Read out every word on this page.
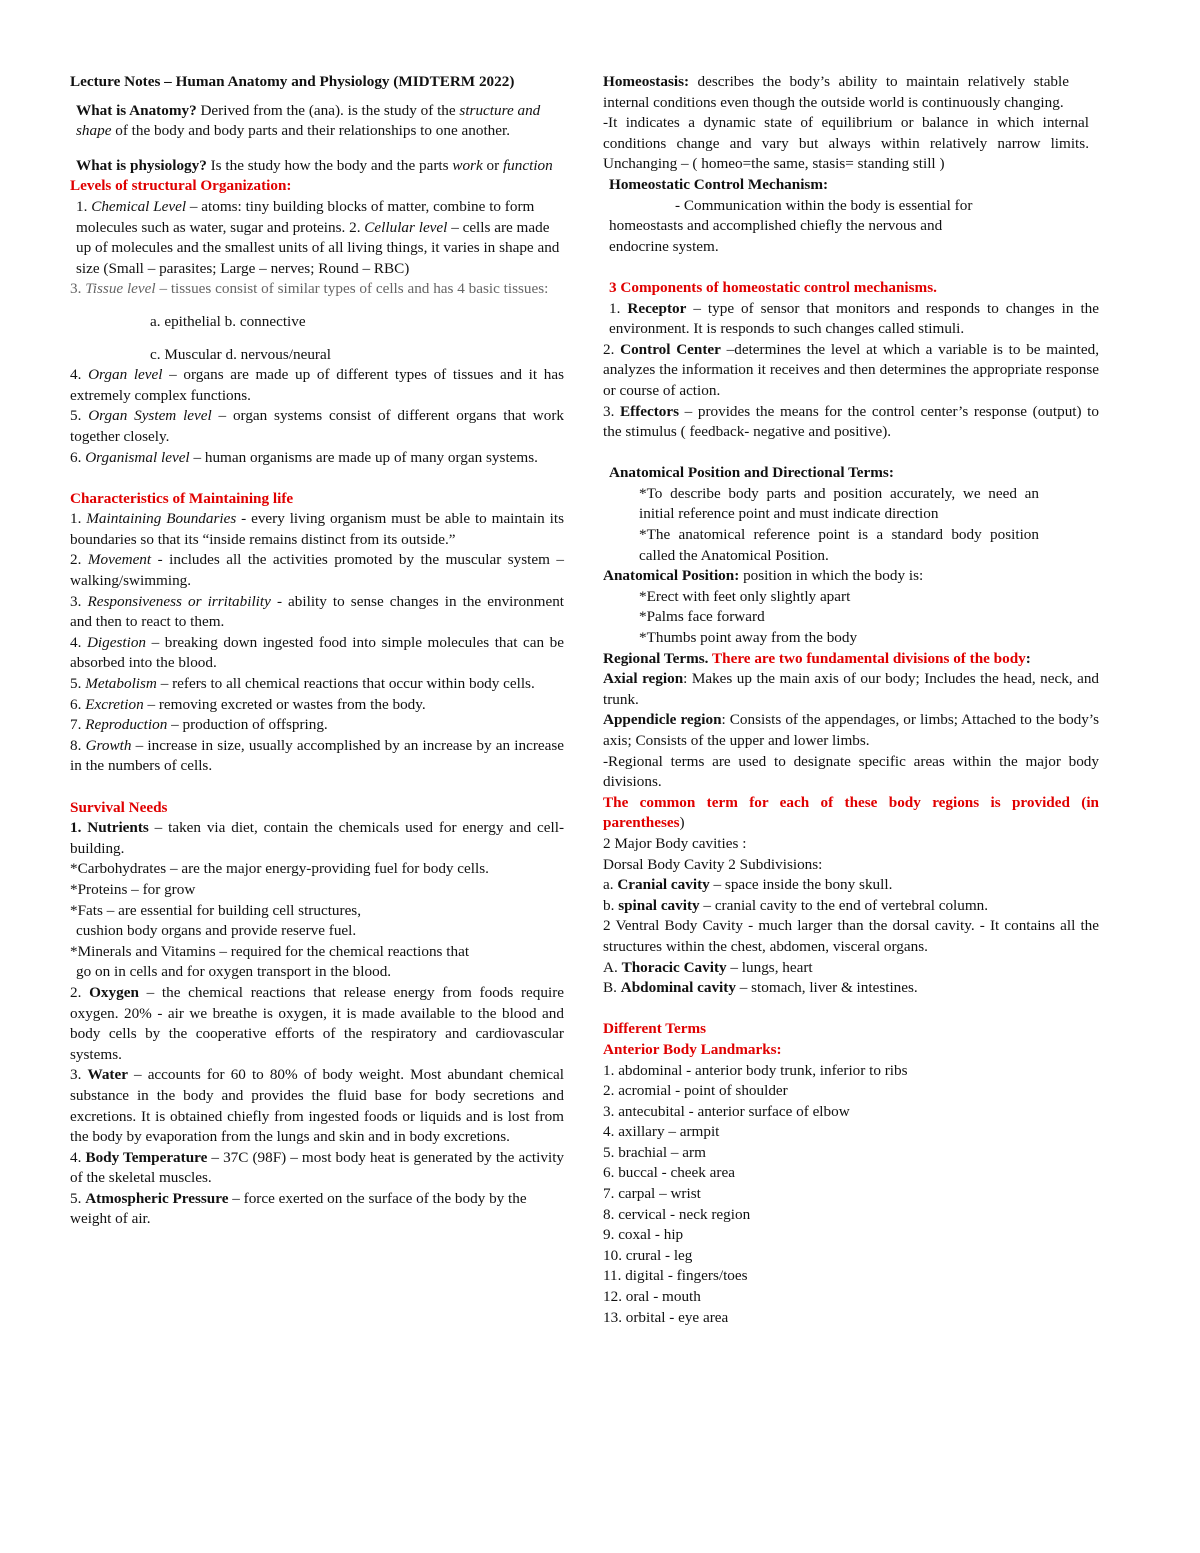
Lecture Notes – Human Anatomy and Physiology (MIDTERM 2022)

What is Anatomy? Derived from the (ana). is the study of the structure and shape of the body and body parts and their relationships to one another.

What is physiology? Is the study how the body and the parts work or function

Levels of structural Organization:

1. Chemical Level – atoms: tiny building blocks of matter, combine to form molecules such as water, sugar and proteins. 2. Cellular level – cells are made up of molecules and the smallest units of all living things, it varies in shape and size (Small – parasites; Large – nerves; Round – RBC)

3. Tissue level – tissues consist of similar types of cells and has 4 basic tissues:

a. epithelial b. connective

c. Muscular d. nervous/neural

4. Organ level – organs are made up of different types of tissues and it has extremely complex functions.

5. Organ System level – organ systems consist of different organs that work together closely.

6. Organismal level – human organisms are made up of many organ systems.

Characteristics of Maintaining life

1. Maintaining Boundaries - every living organism must be able to maintain its boundaries so that its “inside remains distinct from its outside.”

2. Movement - includes all the activities promoted by the muscular system – walking/swimming.

3. Responsiveness or irritability - ability to sense changes in the environment and then to react to them.

4. Digestion – breaking down ingested food into simple molecules that can be absorbed into the blood.

5. Metabolism – refers to all chemical reactions that occur within body cells.

6. Excretion – removing excreted or wastes from the body.

7. Reproduction – production of offspring.

8. Growth – increase in size, usually accomplished by an increase by an increase in the numbers of cells.

Survival Needs

1. Nutrients – taken via diet, contain the chemicals used for energy and cell- building.

*Carbohydrates – are the major energy-providing fuel for body cells.

*Proteins – for grow

*Fats – are essential for building cell structures,

cushion body organs and provide reserve fuel.

*Minerals and Vitamins – required for the chemical reactions that

go on in cells and for oxygen transport in the blood.

2. Oxygen – the chemical reactions that release energy from foods require oxygen. 20% - air we breathe is oxygen, it is made available to the blood and body cells by the cooperative efforts of the respiratory and cardiovascular systems.

3. Water – accounts for 60 to 80% of body weight. Most abundant chemical substance in the body and provides the fluid base for body secretions and excretions. It is obtained chiefly from ingested foods or liquids and is lost from the body by evaporation from the lungs and skin and in body excretions.

4. Body Temperature – 37C (98F) – most body heat is generated by the activity of the skeletal muscles.

5. Atmospheric Pressure – force exerted on the surface of the body by the weight of air.

Homeostasis: describes the body’s ability to maintain relatively stable internal conditions even though the outside world is continuously changing.

-It indicates a dynamic state of equilibrium or balance in which internal conditions change and vary but always within relatively narrow limits. Unchanging – ( homeo=the same, stasis= standing still )

Homeostatic Control Mechanism:

- Communication within the body is essential for

homeostasts and accomplished chiefly the nervous and

endocrine system.

3 Components of homeostatic control mechanisms.

1. Receptor – type of sensor that monitors and responds to changes in the environment. It is responds to such changes called stimuli.

2. Control Center –determines the level at which a variable is to be mainted, analyzes the information it receives and then determines the appropriate response or course of action.

3. Effectors – provides the means for the control center’s response (output) to the stimulus ( feedback- negative and positive).

Anatomical Position and Directional Terms:

*To describe body parts and position accurately, we need an initial reference point and must indicate direction

*The anatomical reference point is a standard body position called the Anatomical Position.

Anatomical Position: position in which the body is:

*Erect with feet only slightly apart

*Palms face forward

*Thumbs point away from the body

Regional Terms. There are two fundamental divisions of the body:

Axial region: Makes up the main axis of our body; Includes the head, neck, and trunk.

Appendicle region: Consists of the appendages, or limbs; Attached to the body’s axis; Consists of the upper and lower limbs.

-Regional terms are used to designate specific areas within the major body divisions.

The common term for each of these body regions is provided (in parentheses)

2 Major Body cavities :

Dorsal Body Cavity 2 Subdivisions:

a. Cranial cavity – space inside the bony skull.

b. spinal cavity – cranial cavity to the end of vertebral column.

2 Ventral Body Cavity - much larger than the dorsal cavity. - It contains all the structures within the chest, abdomen, visceral organs.

A. Thoracic Cavity – lungs, heart

B. Abdominal cavity – stomach, liver & intestines.

Different Terms

Anterior Body Landmarks:

1. abdominal - anterior body trunk, inferior to ribs

2. acromial - point of shoulder

3. antecubital - anterior surface of elbow

4. axillary – armpit

5. brachial – arm

6. buccal - cheek area

7. carpal – wrist

8. cervical - neck region

9. coxal - hip

10. crural - leg

11. digital - fingers/toes

12. oral - mouth

13. orbital - eye area
